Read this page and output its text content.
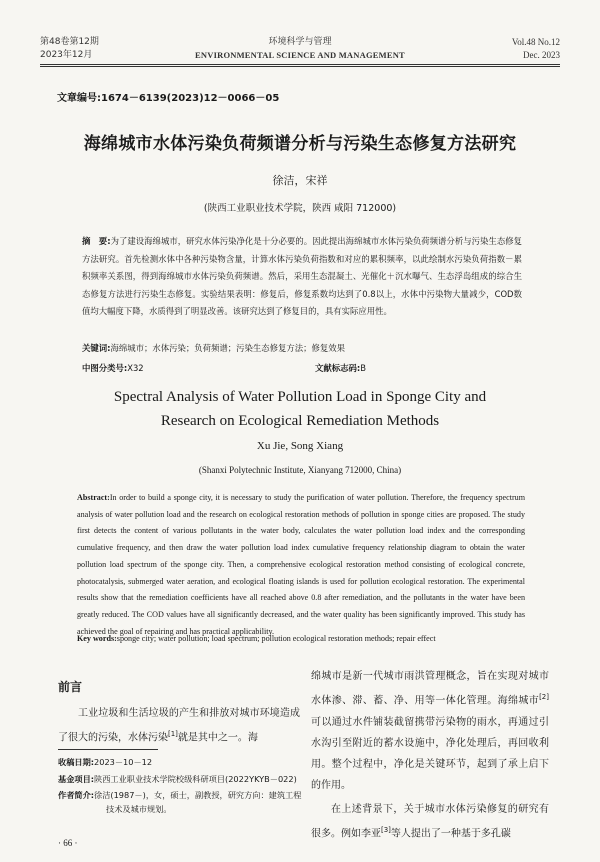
第48卷第12期
2023年12月
环境科学与管理
ENVIRONMENTAL SCIENCE AND MANAGEMENT
Vol.48 No.12
Dec. 2023
文章编号:1674－6139(2023)12－0066－05
海绵城市水体污染负荷频谱分析与污染生态修复方法研究
徐洁，宋祥
(陕西工业职业技术学院，陕西 咸阳 712000)
摘　要:为了建设海绵城市，研究水体污染净化是十分必要的。因此提出海绵城市水体污染负荷频谱分析与污染生态修复方法研究。首先检测水体中各种污染物含量，计算水体污染负荷指数和对应的累积频率，以此绘制水污染负荷指数－累积频率关系图，得到海绵城市水体污染负荷频谱。然后，采用生态混凝土、光催化＋沉水曝气、生态浮岛组成的综合生态修复方法进行污染生态修复。实验结果表明：修复后，修复系数均达到了0.8以上，水体中污染物大量减少，COD数值均大幅度下降，水质得到了明显改善。该研究达到了修复目的，具有实际应用性。
关键词:海绵城市；水体污染；负荷频谱；污染生态修复方法；修复效果
中图分类号:X32	文献标志码:B
Spectral Analysis of Water Pollution Load in Sponge City and
Research on Ecological Remediation Methods
Xu Jie, Song Xiang
(Shanxi Polytechnic Institute, Xianyang 712000, China)
Abstract:In order to build a sponge city, it is necessary to study the purification of water pollution. Therefore, the frequency spectrum analysis of water pollution load and the research on ecological restoration methods of pollution in sponge cities are proposed. The study first detects the content of various pollutants in the water body, calculates the water pollution load index and the corresponding cumulative frequency, and then draw the water pollution load index cumulative frequency relationship diagram to obtain the water pollution load spectrum of the sponge city. Then, a comprehensive ecological restoration method consisting of ecological concrete, photocatalysis, submerged water aeration, and ecological floating islands is used for pollution ecological restoration. The experimental results show that the remediation coefficients have all reached above 0.8 after remediation, and the pollutants in the water have been greatly reduced. The COD values have all significantly decreased, and the water quality has been significantly improved. This study has achieved the goal of repairing and has practical applicability.
Key words:sponge city; water pollution; load spectrum; pollution ecological restoration methods; repair effect
前言
工业垃圾和生活垃圾的产生和排放对城市环境造成了很大的污染，水体污染[1]就是其中之一。海

收稿日期:2023－10－12

基金项目:陕西工业职业技术学院校级科研项目(2022YKYB－022)

作者简介:徐洁(1987－)，女，硕士，副教授，研究方向：建筑工程技术及城市规划。

绵城市是新一代城市雨洪管理概念，旨在实现对城市水体渗、滞、蓄、净、用等一体化管理。海绵城市[2]可以通过水件铺装截留携带污染物的雨水，再通过引水沟引至附近的蓄水设施中，净化处理后，再回收利用。整个过程中，净化是关键环节，起到了承上启下的作用。

在上述背景下，关于城市水体污染修复的研究有很多。例如李亚[3]等人提出了一种基于多孔碳

· 66 ·
